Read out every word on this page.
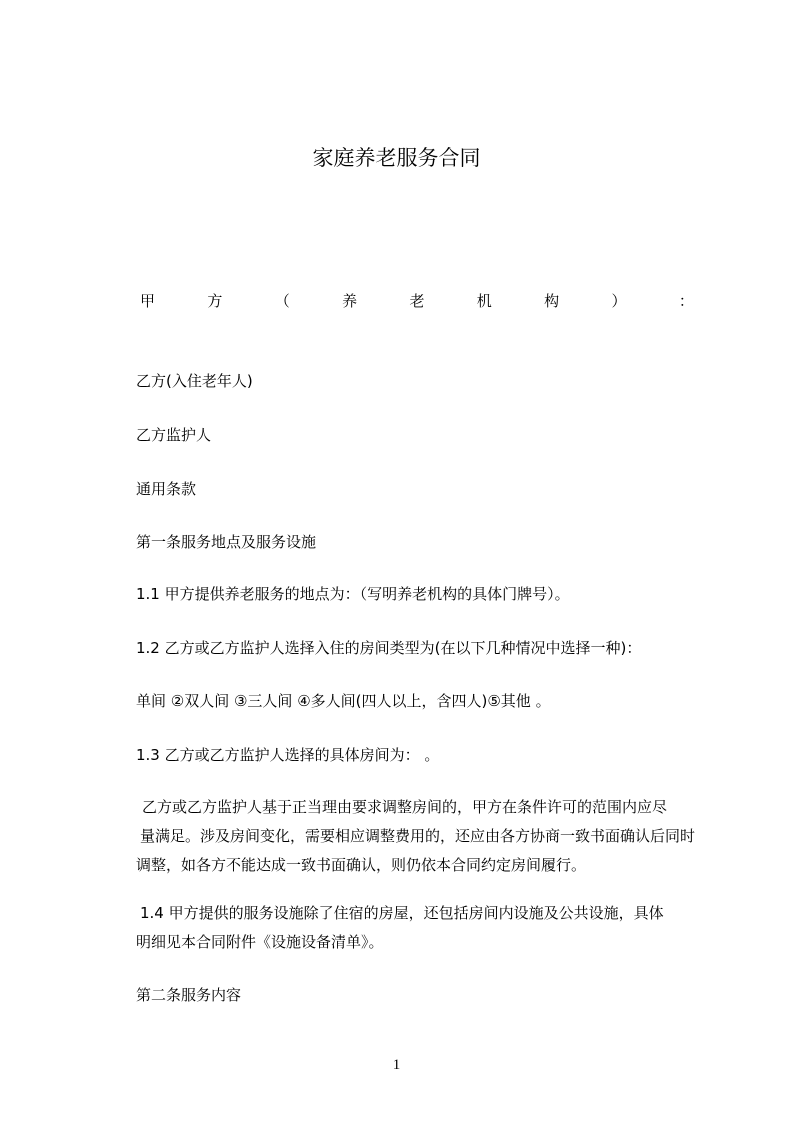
家庭养老服务合同
甲	方	（	养	老	机	构	）	：
乙方(入住老年人)
乙方监护人
通用条款
第一条服务地点及服务设施
1.1 甲方提供养老服务的地点为：（写明养老机构的具体门牌号）。
1.2 乙方或乙方监护人选择入住的房间类型为(在以下几种情况中选择一种)：
单间 ②双人间 ③三人间 ④多人间(四人以上，含四人)⑤其他 。
1.3 乙方或乙方监护人选择的具体房间为： 。
乙方或乙方监护人基于正当理由要求调整房间的，甲方在条件许可的范围内应尽
量满足。涉及房间变化，需要相应调整费用的，还应由各方协商一致书面确认后同时
调整，如各方不能达成一致书面确认，则仍依本合同约定房间履行。
1.4 甲方提供的服务设施除了住宿的房屋，还包括房间内设施及公共设施，具体
明细见本合同附件《设施设备清单》。
第二条服务内容
1
